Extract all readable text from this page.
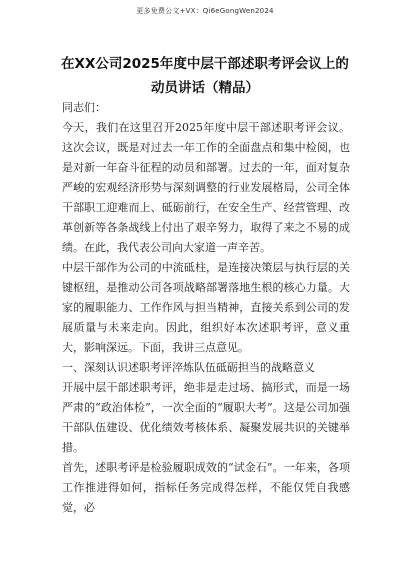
更多免费公文+VX：Qi6eGongWen2024
在XX公司2025年度中层干部述职考评会议上的动员讲话（精品）

同志们：

今天，我们在这里召开2025年度中层干部述职考评会议。这次会议，既是对过去一年工作的全面盘点和集中检阅，也是对新一年奋斗征程的动员和部署。过去的一年，面对复杂严峻的宏观经济形势与深刻调整的行业发展格局，公司全体干部职工迎难而上、砥砺前行，在安全生产、经营管理、改革创新等各条战线上付出了艰辛努力，取得了来之不易的成绩。在此，我代表公司向大家道一声辛苦。

中层干部作为公司的中流砥柱，是连接决策层与执行层的关键枢纽，是推动公司各项战略部署落地生根的核心力量。大家的履职能力、工作作风与担当精神，直接关系到公司的发展质量与未来走向。因此，组织好本次述职考评，意义重大，影响深远。下面，我讲三点意见。

一、深刻认识述职考评淬炼队伍砥砺担当的战略意义

开展中层干部述职考评，绝非是走过场、搞形式，而是一场严肃的“政治体检”，一次全面的“履职大考”。这是公司加强干部队伍建设、优化绩效考核体系、凝聚发展共识的关键举措。

首先，述职考评是检验履职成效的“试金石”。一年来，各项工作推进得如何，指标任务完成得怎样，不能仅凭自我感觉，必
